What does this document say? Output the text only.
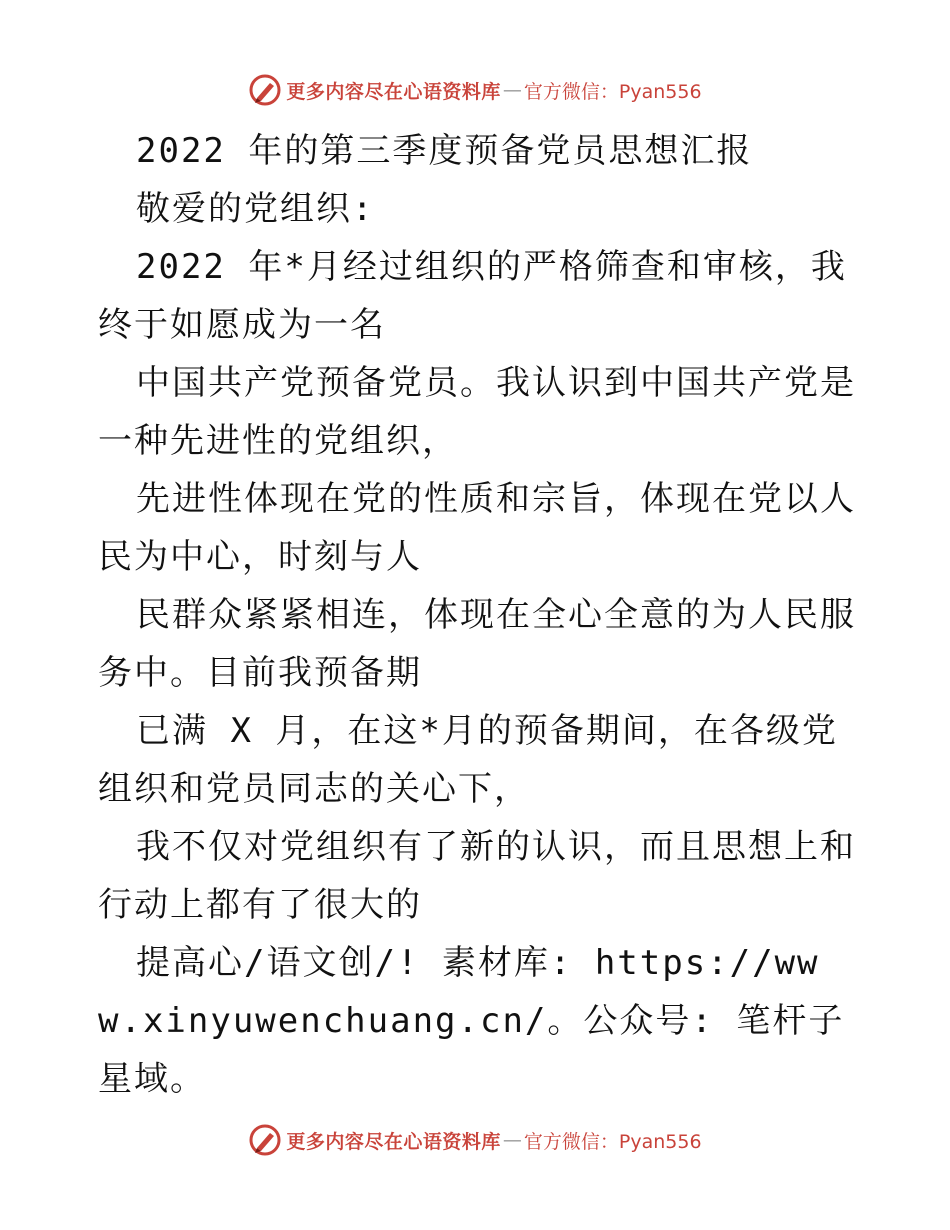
更多内容尽在心语资料库 — 官方微信：Pyan556

2022 年的第三季度预备党员思想汇报

敬爱的党组织:

2022 年*月经过组织的严格筛查和审核，我终于如愿成为一名

中国共产党预备党员。我认识到中国共产党是一种先进性的党组织，

先进性体现在党的性质和宗旨，体现在党以人民为中心，时刻与人

民群众紧紧相连，体现在全心全意的为人民服务中。目前我预备期

已满 X 月，在这*月的预备期间，在各级党组织和党员同志的关心下，

我不仅对党组织有了新的认识，而且思想上和行动上都有了很大的

提高心/语文创/! 素材库: https://www.xinyuwenchuang.cn/。公众号: 笔杆子星域。

更多内容尽在心语资料库 — 官方微信：Pyan556
